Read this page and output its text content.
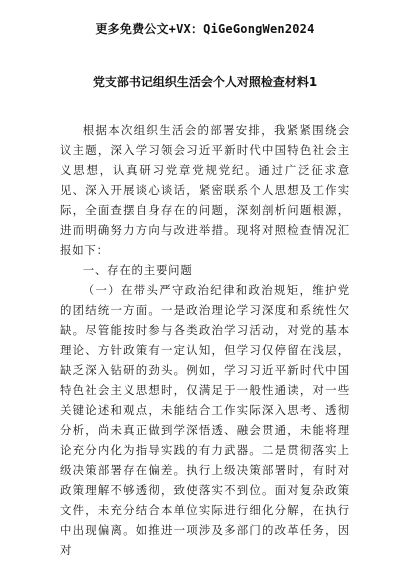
更多免费公文+VX：QiGeGongWen2024
党支部书记组织生活会个人对照检查材料1

根据本次组织生活会的部署安排，我紧紧围绕会议主题，深入学习领会习近平新时代中国特色社会主义思想，认真研习党章党规党纪。通过广泛征求意见、深入开展谈心谈话，紧密联系个人思想及工作实际，全面查摆自身存在的问题，深刻剖析问题根源，进而明确努力方向与改进举措。现将对照检查情况汇报如下：

一、存在的主要问题

（一）在带头严守政治纪律和政治规矩，维护党的团结统一方面。一是政治理论学习深度和系统性欠缺。尽管能按时参与各类政治学习活动，对党的基本理论、方针政策有一定认知，但学习仅停留在浅层，缺乏深入钻研的劲头。例如，学习习近平新时代中国特色社会主义思想时，仅满足于一般性通读，对一些关键论述和观点，未能结合工作实际深入思考、透彻分析，尚未真正做到学深悟透、融会贯通，未能将理论充分内化为指导实践的有力武器。二是贯彻落实上级决策部署存在偏差。执行上级决策部署时，有时对政策理解不够透彻，致使落实不到位。面对复杂政策文件，未充分结合本单位实际进行细化分解，在执行中出现偏离。如推进一项涉及多部门的改革任务，因对
